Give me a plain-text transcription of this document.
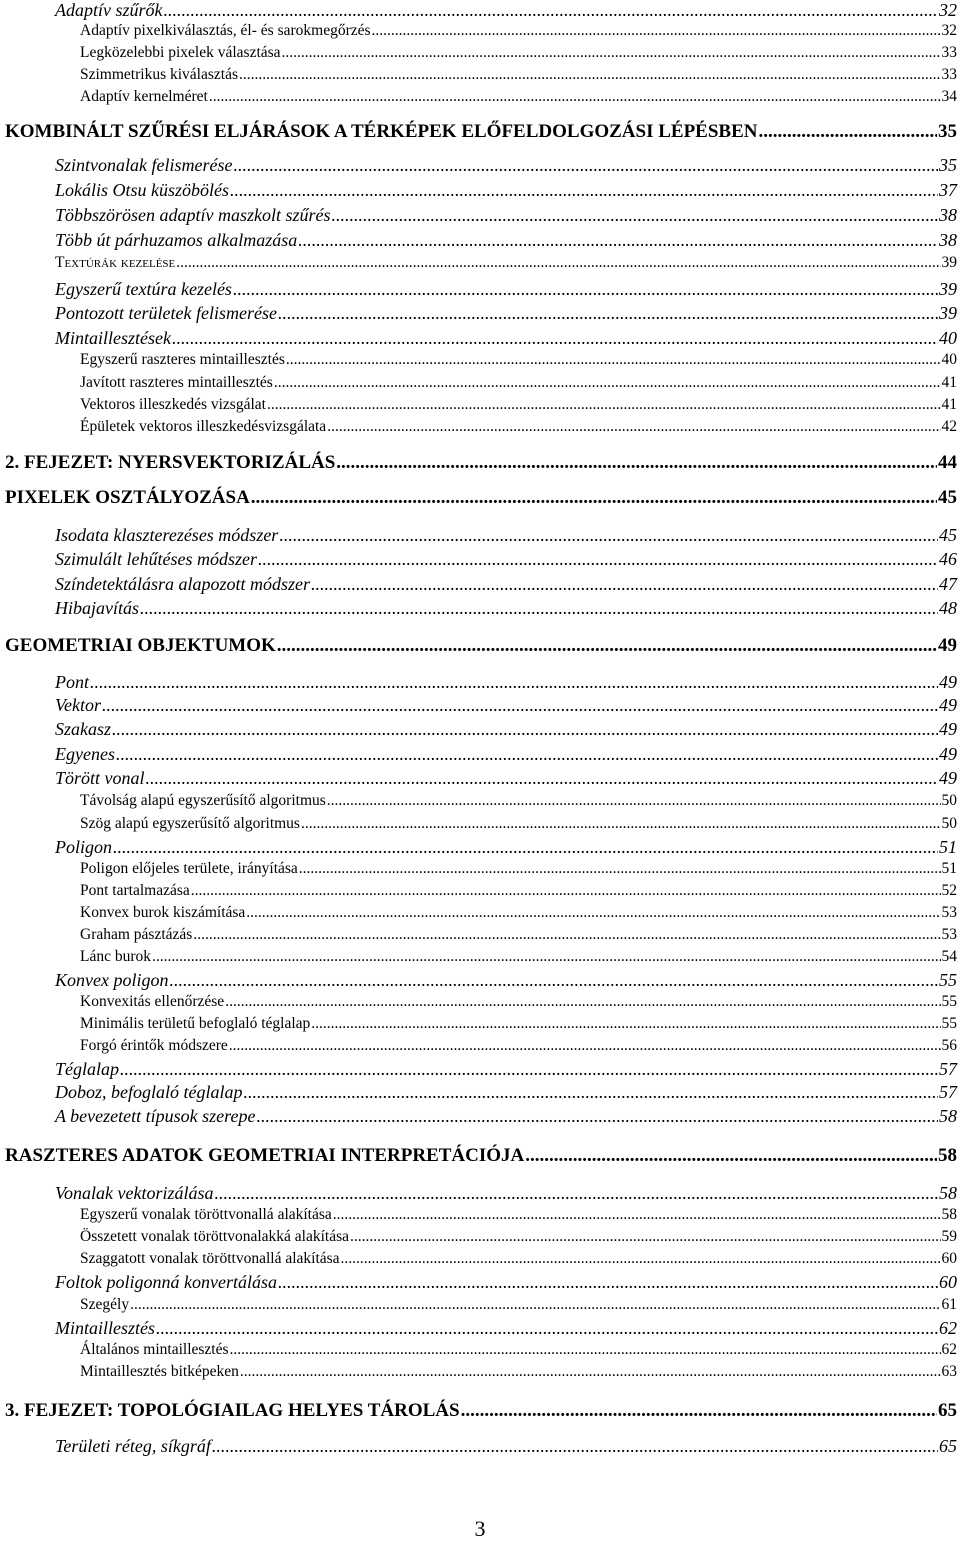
Adaptív szűrők .....	32
Adaptív pixelkiválasztás, él- és sarokmegőrzés .....	32
Legközelebbi pixelek választása .....	33
Szimmetrikus kiválasztás .....	33
Adaptív kernelméret .....	34
KOMBINÁLT SZŰRÉSI ELJÁRÁSOK A TÉRKÉPEK ELŐFELDOLGOZÁSI LÉPÉSBEN .....	35
Szintvonalak felismerése .....	35
Lokális Otsu küszöbölés .....	37
Többszörösen adaptív maszkolt szűrés .....	38
Több út párhuzamos alkalmazása .....	38
Textúrák kezelése .....	39
Egyszerű textúra kezelés .....	39
Pontozott területek felismerése .....	39
Mintaillesztések .....	40
Egyszerű raszteres mintaillesztés .....	40
Javított raszteres mintaillesztés .....	41
Vektoros illeszkedés vizsgálat .....	41
Épületek vektoros illeszkedésvizsgálata .....	42
2. FEJEZET: NYERSVEKTORIZÁLÁS .....	44
PIXELEK OSZTÁLYOZÁSA .....	45
Isodata klaszterezéses módszer .....	45
Szimulált lehűtéses módszer .....	46
Színdetektálásra alapozott módszer .....	47
Hibajavítás .....	48
GEOMETRIAI OBJEKTUMOK .....	49
Pont .....	49
Vektor .....	49
Szakasz .....	49
Egyenes .....	49
Törött vonal .....	49
Távolság alapú egyszerűsítő algoritmus .....	50
Szög alapú egyszerűsítő algoritmus .....	50
Poligon .....	51
Poligon előjeles területe, irányítása .....	51
Pont tartalmazása .....	52
Konvex burok kiszámítása .....	53
Graham pásztázás .....	53
Lánc burok .....	54
Konvex poligon .....	55
Konvexitás ellenőrzése .....	55
Minimális területű befoglaló téglalap .....	55
Forgó érintők módszere .....	56
Téglalap .....	57
Doboz, befoglaló téglalap .....	57
A bevezetett típusok szerepe .....	58
RASZTERES ADATOK GEOMETRIAI INTERPRETÁCIÓJA .....	58
Vonalak vektorizálása .....	58
Egyszerű vonalak töröttvonallá alakítása .....	58
Összetett vonalak töröttvonalakká alakítása .....	59
Szaggatott vonalak töröttvonallá alakítása .....	60
Foltok poligonná konvertálása .....	60
Szegély .....	61
Mintaillesztés .....	62
Általános mintaillesztés .....	62
Mintaillesztés bitképeken .....	63
3. FEJEZET: TOPOLÓGIAILAG HELYES TÁROLÁS .....	65
Területi réteg, síkgráf .....	65
3
